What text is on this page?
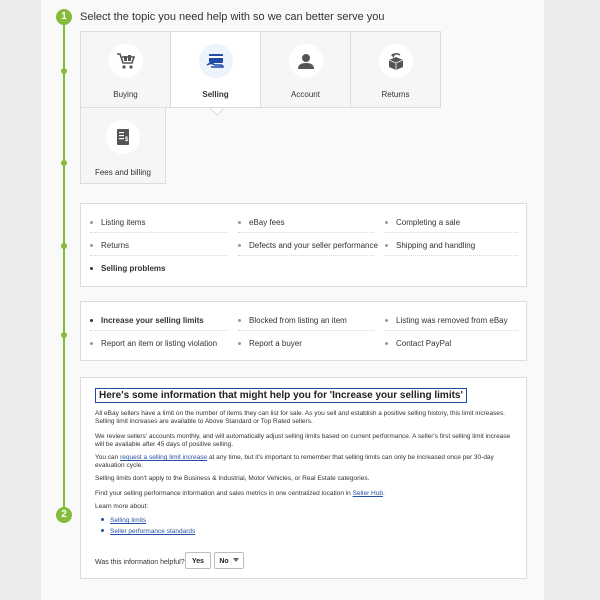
1
2
Select the topic you need help with so we can better serve you
Buying	Selling	Account	Returns
$
Fees and billing
Listing items	eBay fees	Completing a sale
Returns	Defects and your seller performance	Shipping and handling
Selling problems
Increase your selling limits	Blocked from listing an item	Listing was removed from eBay
Report an item or listing violation	Report a buyer	Contact PayPal
Here's some information that might help you for 'Increase your selling limits'
All eBay sellers have a limit on the number of items they can list for sale. As you sell and establish a positive selling history, this limit increases. Selling limit increases are available to Above Standard or Top Rated sellers.
We review sellers' accounts monthly, and will automatically adjust selling limits based on current performance. A seller's first selling limit increase will be available after 45 days of positive selling.
You can request a selling limit increase at any time, but it's important to remember that selling limits can only be increased once per 30-day evaluation cycle.
Selling limits don't apply to the Business & Industrial, Motor Vehicles, or Real Estate categories.
Find your selling performance information and sales metrics in one centralized location in Seller Hub.
Learn more about:
Selling limits
Seller performance standards
Was this information helpful?	Yes	No
